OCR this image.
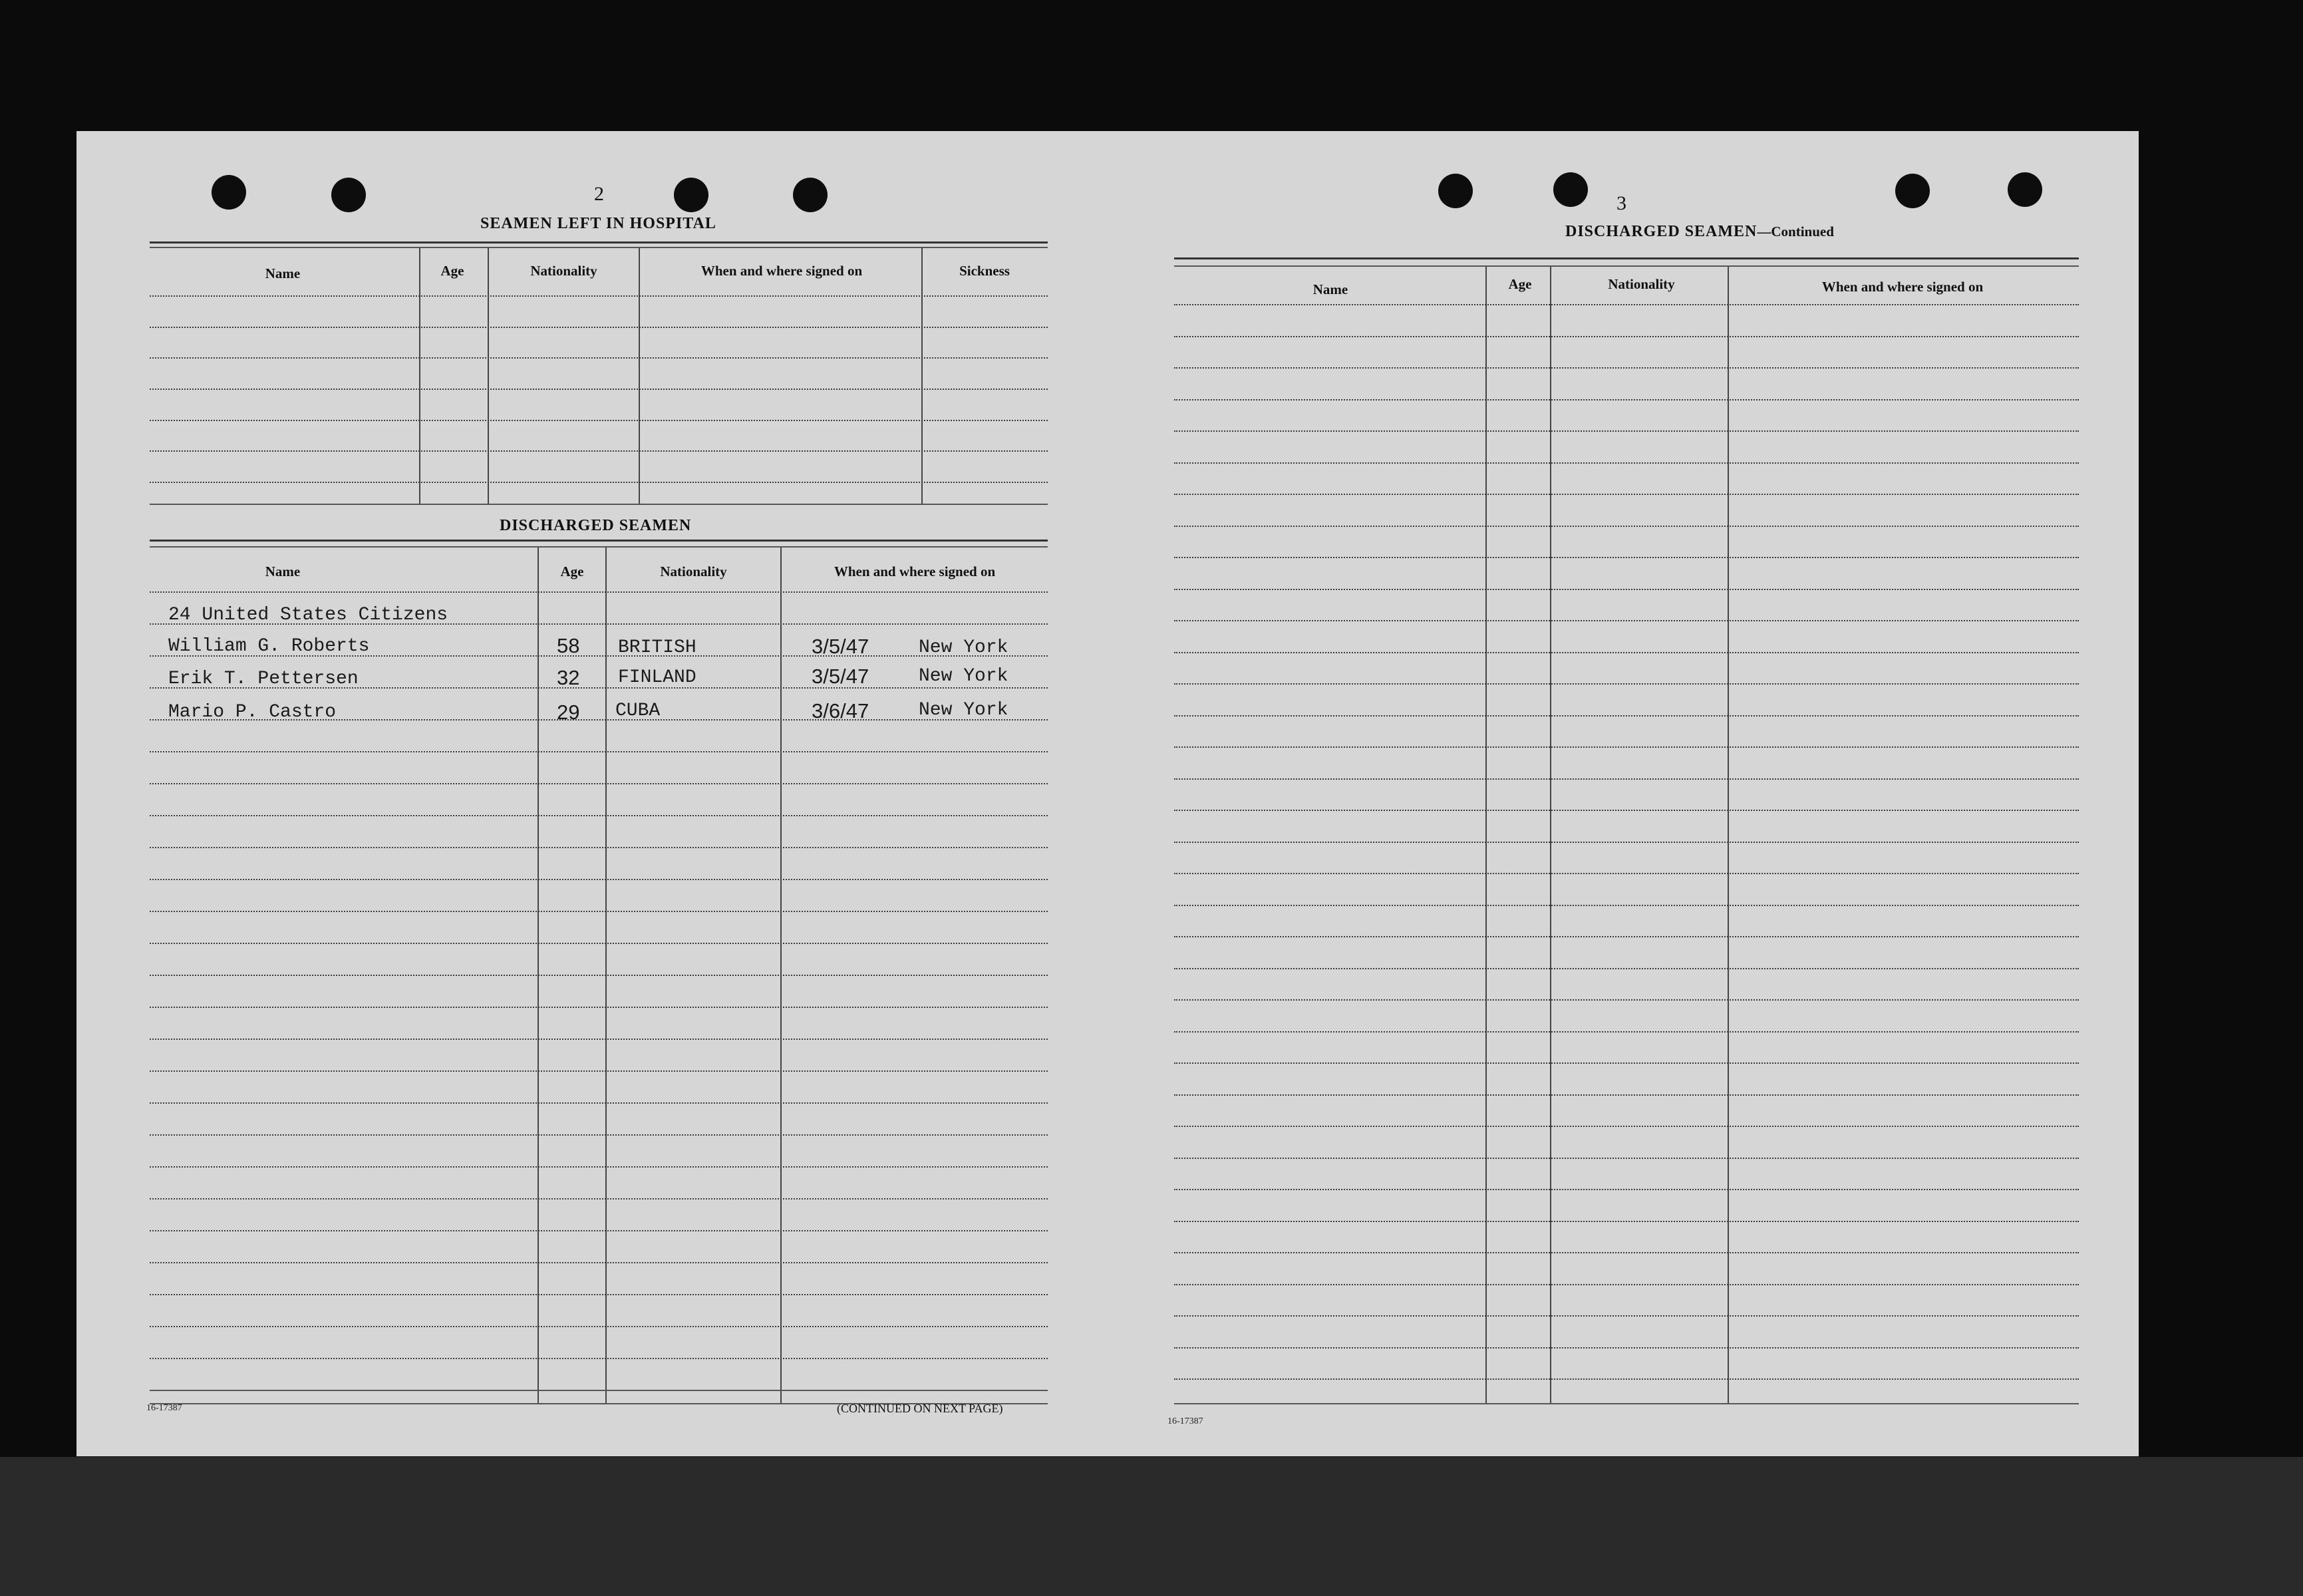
2
SEAMEN LEFT IN HOSPITAL
Name	Age	Nationality	When and where signed on	Sickness
DISCHARGED SEAMEN
Name	Age	Nationality	When and where signed on
24 United States Citizens
William G. Roberts	58 BRITISH	3/5/47	New York
Erik T. Pettersen	32 FINLAND	3/5/47	New York
Mario P. Castro	29 CUBA	3/6/47	New York
16-17387	(CONTINUED ON NEXT PAGE)
3
DISCHARGED SEAMEN—Continued
Name	Age	Nationality	When and where signed on
16-17387
